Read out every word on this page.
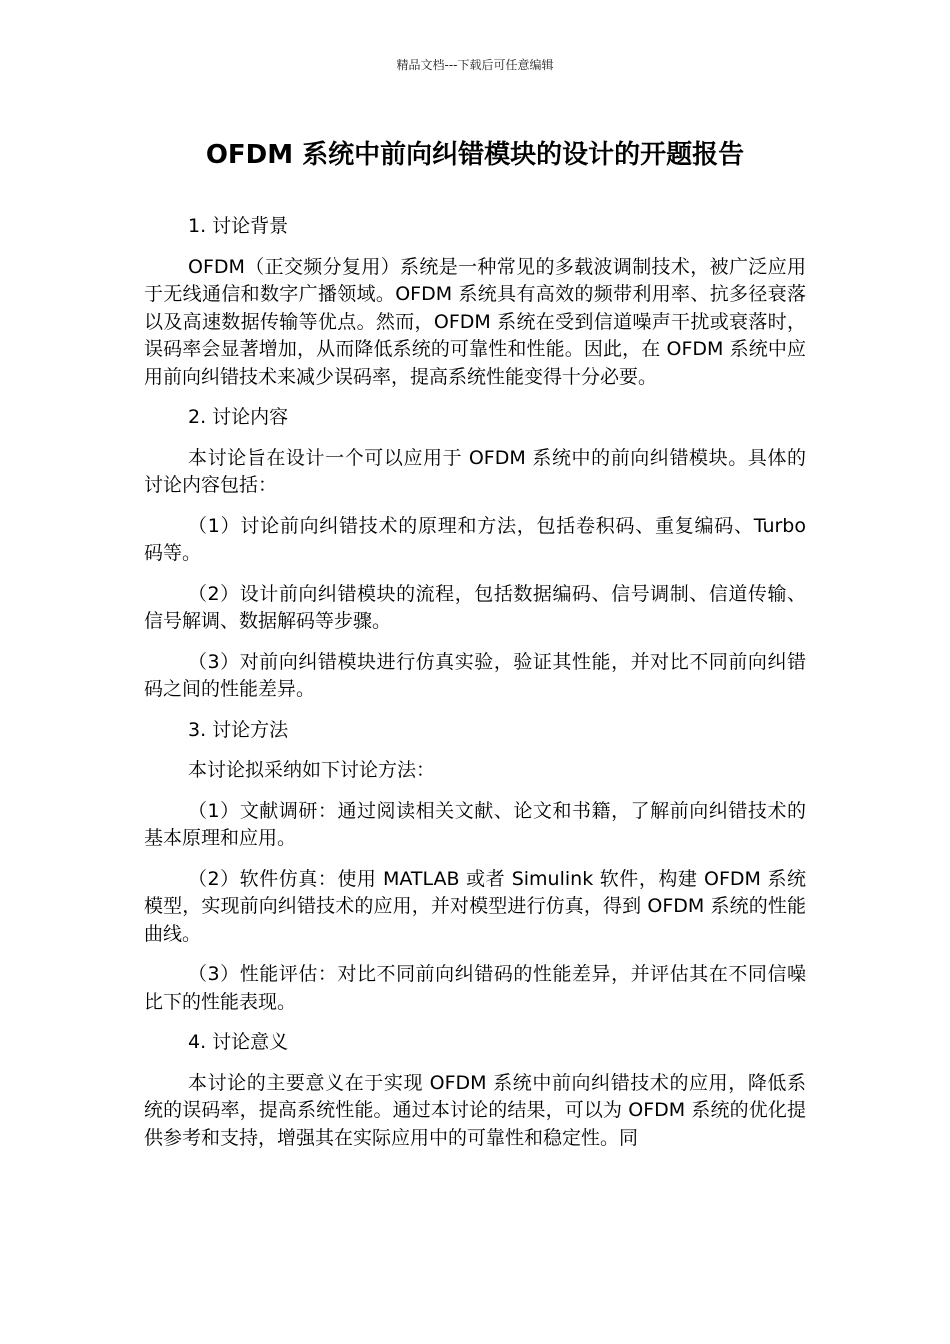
精品文档---下载后可任意编辑
OFDM 系统中前向纠错模块的设计的开题报告

1. 讨论背景

OFDM（正交频分复用）系统是一种常见的多载波调制技术，被广泛应用于无线通信和数字广播领域。OFDM 系统具有高效的频带利用率、抗多径衰落以及高速数据传输等优点。然而，OFDM 系统在受到信道噪声干扰或衰落时，误码率会显著增加，从而降低系统的可靠性和性能。因此，在 OFDM 系统中应用前向纠错技术来减少误码率，提高系统性能变得十分必要。

2. 讨论内容

本讨论旨在设计一个可以应用于 OFDM 系统中的前向纠错模块。具体的讨论内容包括：

（1）讨论前向纠错技术的原理和方法，包括卷积码、重复编码、Turbo 码等。

（2）设计前向纠错模块的流程，包括数据编码、信号调制、信道传输、信号解调、数据解码等步骤。

（3）对前向纠错模块进行仿真实验，验证其性能，并对比不同前向纠错码之间的性能差异。

3. 讨论方法

本讨论拟采纳如下讨论方法：

（1）文献调研：通过阅读相关文献、论文和书籍，了解前向纠错技术的基本原理和应用。

（2）软件仿真：使用 MATLAB 或者 Simulink 软件，构建 OFDM 系统模型，实现前向纠错技术的应用，并对模型进行仿真，得到 OFDM 系统的性能曲线。

（3）性能评估：对比不同前向纠错码的性能差异，并评估其在不同信噪比下的性能表现。

4. 讨论意义

本讨论的主要意义在于实现 OFDM 系统中前向纠错技术的应用，降低系统的误码率，提高系统性能。通过本讨论的结果，可以为 OFDM 系统的优化提供参考和支持，增强其在实际应用中的可靠性和稳定性。同
